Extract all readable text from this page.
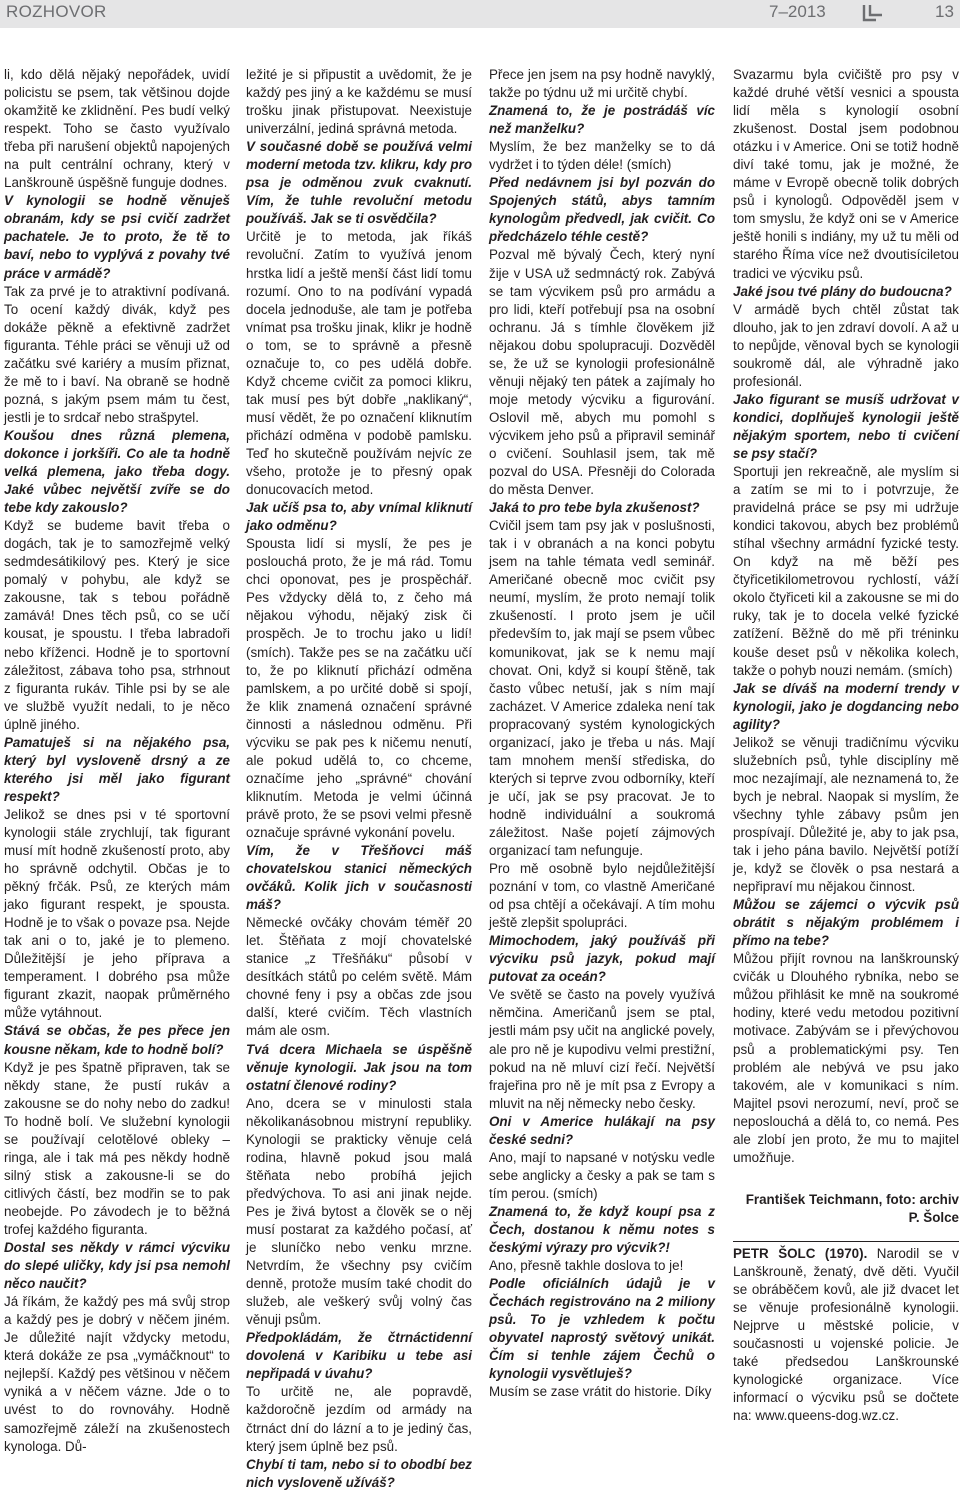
ROZHOVOR	7–2013	13

li, kdo dělá nějaký nepořádek, uvidí policistu se psem, tak většinou dojde okamžitě ke zklidnění. Pes budí velký respekt. Toho se často využívalo třeba při narušení objektů napojených na pult centrální ochrany, který v Lanškrouně úspěšně funguje dodnes.

V kynologii se hodně věnuješ obranám, kdy se psi cvičí zadržet pachatele. Je to proto, že tě to baví, nebo to vyplývá z povahy tvé práce v armádě?

Tak za prvé je to atraktivní podívaná. To ocení každý divák, když pes dokáže pěkně a efektivně zadržet figuranta. Téhle práci se věnuji už od začátku své kariéry a musím přiznat, že mě to i baví. Na obraně se hodně pozná, s jakým psem mám tu čest, jestli je to srdcař nebo strašpytel.

Koušou dnes různá plemena, dokonce i jorkšíři. Co ale ta hodně velká plemena, jako třeba dogy. Jaké vůbec největší zvíře se do tebe kdy zakouslo?

Když se budeme bavit třeba o dogách, tak je to samozřejmě velký sedmdesátikilový pes. Který je sice pomalý v pohybu, ale když se zakousne, tak s tebou pořádně zamává! Dnes těch psů, co se učí kousat, je spoustu. I třeba labradoři nebo kříženci. Hodně je to sportovní záležitost, zábava toho psa, strhnout z figuranta rukáv. Tihle psi by se ale ve službě využít nedali, to je něco úplně jiného.

Pamatuješ si na nějakého psa, který byl vysloveně drsný a ze kterého jsi měl jako figurant respekt?

Jelikož se dnes psi v té sportovní kynologii stále zrychlují, tak figurant musí mít hodně zkušeností proto, aby ho správně odchytil. Občas je to pěkný frčák. Psů, ze kterých mám jako figurant respekt, je spousta. Hodně je to však o povaze psa. Nejde tak ani o to, jaké je to plemeno. Důležitější je jeho příprava a temperament. I dobrého psa může figurant zkazit, naopak průměrného může vytáhnout.

Stává se občas, že pes přece jen kousne někam, kde to hodně bolí?

Když je pes špatně připraven, tak se někdy stane, že pustí rukáv a zakousne se do nohy nebo do zadku! To hodně bolí. Ve služební kynologii se používají celotělové obleky – ringa, ale i tak má pes někdy hodně silný stisk a zakousne-li se do citlivých částí, bez modřin se to pak neobejde. Po závodech je to běžná trofej každého figuranta.

Dostal ses někdy v rámci výcviku do slepé uličky, kdy jsi psa nemohl něco naučit?

Já říkám, že každý pes má svůj strop a každý pes je dobrý v něčem jiném. Je důležité najít vždycky metodu, která dokáže ze psa „vymáčknout“ to nejlepší. Každý pes většinou v něčem vyniká a v něčem vázne. Jde o to uvést to do rovnováhy. Hodně samozřejmě záleží na zkušenostech kynologa. Dů-

ležité je si připustit a uvědomit, že je každý pes jiný a ke každému se musí trošku jinak přistupovat. Neexistuje univerzální, jediná správná metoda.

V současné době se používá velmi moderní metoda tzv. klikru, kdy pro psa je odměnou zvuk cvaknutí. Vím, že tuhle revoluční metodu používáš. Jak se ti osvědčila?

Určitě je to metoda, jak říkáš revoluční. Zatím to využívá jenom hrstka lidí a ještě menší část lidí tomu rozumí. Ono to na podívání vypadá docela jednoduše, ale tam je potřeba vnímat psa trošku jinak, klikr je hodně o tom, se to správně a přesně označuje to, co pes udělá dobře. Když chceme cvičit za pomoci klikru, tak musí pes být dobře „naklikaný“, musí vědět, že po označení kliknutím přichází odměna v podobě pamlsku. Teď ho skutečně používám nejvíc ze všeho, protože je to přesný opak donucovacích metod.

Jak učíš psa to, aby vnímal kliknutí jako odměnu?

Spousta lidí si myslí, že pes je poslouchá proto, že je má rád. Tomu chci oponovat, pes je prospěchář. Pes vždycky dělá to, z čeho má nějakou výhodu, nějaký zisk či prospěch. Je to trochu jako u lidí! (smích). Takže pes se na začátku učí to, že po kliknutí přichází odměna pamlskem, a po určité době si spojí, že klik znamená označení správné činnosti a následnou odměnu. Při výcviku se pak pes k ničemu nenutí, ale pokud udělá to, co chceme, označíme jeho „správné“ chování kliknutím. Metoda je velmi účinná právě proto, že se psovi velmi přesně označuje správné vykonání povelu.

Vím, že v Třešňovci máš chovatelskou stanici německých ovčáků. Kolik jich v současnosti máš?

Německé ovčáky chovám téměř 20 let. Štěňata z mojí chovatelské stanice „z Třešňáku“ působí v desítkách států po celém světě. Mám chovné feny i psy a občas zde jsou další, které cvičím. Těch vlastních mám ale osm.

Tvá dcera Michaela se úspěšně věnuje kynologii. Jak jsou na tom ostatní členové rodiny?

Ano, dcera se v minulosti stala několikanásobnou mistryní republiky. Kynologii se prakticky věnuje celá rodina, hlavně pokud jsou malá štěňata nebo probíhá jejich předvýchova. To asi ani jinak nejde. Pes je živá bytost a člověk se o něj musí postarat za každého počasí, ať je sluníčko nebo venku mrzne. Netvrdím, že všechny psy cvičím denně, protože musím také chodit do služeb, ale veškerý svůj volný čas věnuji psům.

Předpokládám, že čtrnáctidenní dovolená v Karibiku u tebe asi nepřipadá v úvahu?

To určitě ne, ale popravdě, každoročně jezdím od armády na čtrnáct dní do lázní a to je jediný čas, který jsem úplně bez psů.

Chybí ti tam, nebo si to obodbí bez nich vysloveně užíváš?

Přece jen jsem na psy hodně navyklý, takže po týdnu už mi určitě chybí.

Znamená to, že je postrádáš víc než manželku?

Myslím, že bez manželky se to dá vydržet i to týden déle! (smích)

Před nedávnem jsi byl pozván do Spojených států, abys tamním kynologům předvedl, jak cvičit. Co předcházelo téhle cestě?

Pozval mě bývalý Čech, který nyní žije v USA už sedmnáctý rok. Zabývá se tam výcvikem psů pro armádu a pro lidi, kteří potřebují psa na osobní ochranu. Já s tímhle člověkem již nějakou dobu spolupracuji. Dozvěděl se, že už se kynologii profesionálně věnuji nějaký ten pátek a zajímaly ho moje metody výcviku a figurování. Oslovil mě, abych mu pomohl s výcvikem jeho psů a připravil seminář o cvičení. Souhlasil jsem, tak mě pozval do USA. Přesněji do Colorada do města Denver.

Jaká to pro tebe byla zkušenost?

Cvičil jsem tam psy jak v poslušnosti, tak i v obranách a na konci pobytu jsem na tahle témata vedl seminář. Američané obecně moc cvičit psy neumí, myslím, že proto nemají tolik zkušeností. I proto jsem je učil především to, jak mají se psem vůbec komunikovat, jak se k nemu mají chovat. Oni, když si koupí štěně, tak často vůbec netuší, jak s ním mají zacházet. V Americe zdaleka není tak propracovaný systém kynologických organizací, jako je třeba u nás. Mají tam mnohem menší střediska, do kterých si teprve zvou odborníky, kteří je učí, jak se psy pracovat. Je to hodně individuální a soukromá záležitost. Naše pojetí zájmových organizací tam nefunguje.

Pro mě osobně bylo nejdůležitější poznání v tom, co vlastně Američané od psa chtějí a očekávají. A tím mohu ještě zlepšit spolupráci.

Mimochodem, jaký používáš při výcviku psů jazyk, pokud mají putovat za oceán?

Ve světě se často na povely využívá němčina. Američanů jsem se ptal, jestli mám psy učit na anglické povely, ale pro ně je kupodivu velmi prestižní, pokud na ně mluví cizí řečí. Největší frajeřina pro ně je mít psa z Evropy a mluvit na něj německy nebo česky.

Oni v Americe hulákají na psy české sedni?

Ano, mají to napsané v notýsku vedle sebe anglicky a česky a pak se tam s tím perou. (smích)

Znamená to, že když koupí psa z Čech, dostanou k němu notes s českými výrazy pro výcvik?!

Ano, přesně takhle doslova to je!

Podle oficiálních údajů je v Čechách registrováno na 2 miliony psů. To je vzhledem k počtu obyvatel naprostý světový unikát. Čím si tenhle zájem Čechů o kynologii vysvětluješ?

Musím se zase vrátit do historie. Díky

Svazarmu byla cvičiště pro psy v každé druhé větší vesnici a spousta lidí měla s kynologií osobní zkušenost. Dostal jsem podobnou otázku i v Americe. Oni se totiž hodně diví také tomu, jak je možné, že máme v Evropě obecně tolik dobrých psů i kynologů. Odpověděl jsem v tom smyslu, že když oni se v Americe ještě honili s indiány, my už tu měli od starého Říma více než dvoutisíciletou tradici ve výcviku psů.

Jaké jsou tvé plány do budoucna?

V armádě bych chtěl zůstat tak dlouho, jak to jen zdraví dovolí. A až u to nepůjde, věnoval bych se kynologii soukromě dál, ale výhradně jako profesionál.

Jako figurant se musíš udržovat v kondici, doplňuješ kynologii ještě nějakým sportem, nebo ti cvičení se psy stačí?

Sportuji jen rekreačně, ale myslím si a zatím se mi to i potvrzuje, že pravidelná práce se psy mi udržuje kondici takovou, abych bez problémů stíhal všechny armádní fyzické testy. On když na mě běží pes čtyřicetikilometrovou rychlostí, váží okolo čtyřiceti kil a zakousne se mi do ruky, tak je to docela velké fyzické zatížení. Běžně do mě při tréninku kouše deset psů v několika kolech, takže o pohyb nouzi nemám. (smích)

Jak se díváš na moderní trendy v kynologii, jako je dogdancing nebo agility?

Jelikož se věnuji tradičnímu výcviku služebních psů, tyhle disciplíny mě moc nezajímají, ale neznamená to, že bych je nebral. Naopak si myslím, že všechny tyhle zábavy psům jen prospívají. Důležité je, aby to jak psa, tak i jeho pána bavilo. Největší potíží je, když se člověk o psa nestará a nepřipraví mu nějakou činnost.

Můžou se zájemci o výcvik psů obrátit s nějakým problémem i přímo na tebe?

Můžou přijít rovnou na lanškrounský cvičák u Dlouhého rybníka, nebo se můžou přihlásit ke mně na soukromé hodiny, které vedu metodou pozitivní motivace. Zabývám se i převýchovou psů a problematickými psy. Ten problém ale nebývá ve psu jako takovém, ale v komunikaci s ním. Majitel psovi nerozumí, neví, proč se neposlouchá a dělá to, co nemá. Pes ale zlobí jen proto, že mu to majitel umožňuje.

František Teichmann, foto: archiv P. Šolce

PETR ŠOLC (1970). Narodil se v Lanškrouně, ženatý, dvě děti. Vyučil se obráběčem kovů, ale již dvacet let se věnuje profesionálně kynologii. Nejprve u městské policie, v současnosti u vojenské policie. Je také předsedou Lanškrounské kynologické organizace. Více informací o výcviku psů se dočtete na: www.queens-dog.wz.cz.
